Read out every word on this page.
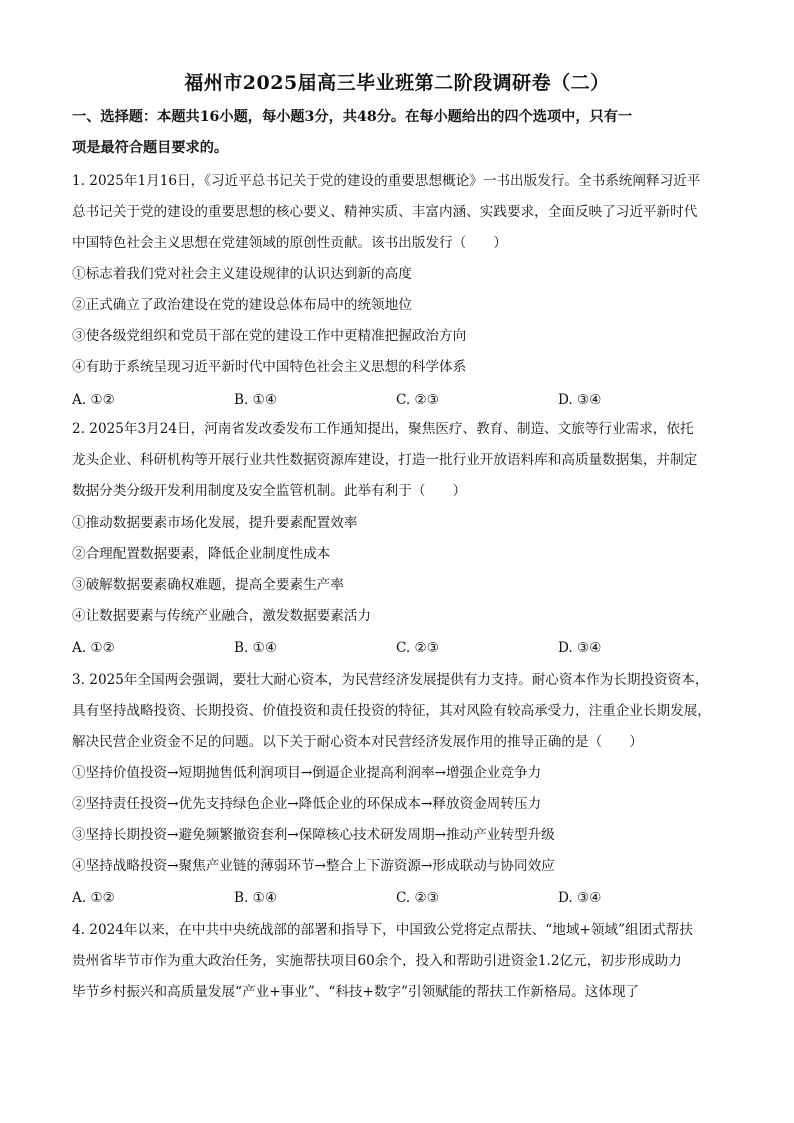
福州市2025届高三毕业班第二阶段调研卷（二）
一、选择题：本题共16小题，每小题3分，共48分。在每小题给出的四个选项中，只有一
项是最符合题目要求的。
1. 2025年1月16日，《习近平总书记关于党的建设的重要思想概论》一书出版发行。全书系统阐释习近平
总书记关于党的建设的重要思想的核心要义、精神实质、丰富内涵、实践要求，全面反映了习近平新时代
中国特色社会主义思想在党建领域的原创性贡献。该书出版发行（　　）
①标志着我们党对社会主义建设规律的认识达到新的高度
②正式确立了政治建设在党的建设总体布局中的统领地位
③使各级党组织和党员干部在党的建设工作中更精准把握政治方向
④有助于系统呈现习近平新时代中国特色社会主义思想的科学体系
A. ①②	B. ①④	C. ②③	D. ③④
2. 2025年3月24日，河南省发改委发布工作通知提出，聚焦医疗、教育、制造、文旅等行业需求，依托
龙头企业、科研机构等开展行业共性数据资源库建设，打造一批行业开放语料库和高质量数据集，并制定
数据分类分级开发利用制度及安全监管机制。此举有利于（　　）
①推动数据要素市场化发展，提升要素配置效率
②合理配置数据要素，降低企业制度性成本
③破解数据要素确权难题，提高全要素生产率
④让数据要素与传统产业融合，激发数据要素活力
A. ①②	B. ①④	C. ②③	D. ③④
3. 2025年全国两会强调，要壮大耐心资本，为民营经济发展提供有力支持。耐心资本作为长期投资资本，
具有坚持战略投资、长期投资、价值投资和责任投资的特征，其对风险有较高承受力，注重企业长期发展，
解决民营企业资金不足的问题。以下关于耐心资本对民营经济发展作用的推导正确的是（　　）
①坚持价值投资→短期抛售低利润项目→倒逼企业提高利润率→增强企业竞争力
②坚持责任投资→优先支持绿色企业→降低企业的环保成本→释放资金周转压力
③坚持长期投资→避免频繁撤资套利→保障核心技术研发周期→推动产业转型升级
④坚持战略投资→聚焦产业链的薄弱环节→整合上下游资源→形成联动与协同效应
A. ①②	B. ①④	C. ②③	D. ③④
4. 2024年以来，在中共中央统战部的部署和指导下，中国致公党将定点帮扶、“地域+领域”组团式帮扶
贵州省毕节市作为重大政治任务，实施帮扶项目60余个，投入和帮助引进资金1.2亿元，初步形成助力
毕节乡村振兴和高质量发展“产业+事业”、“科技+数字”引领赋能的帮扶工作新格局。这体现了
